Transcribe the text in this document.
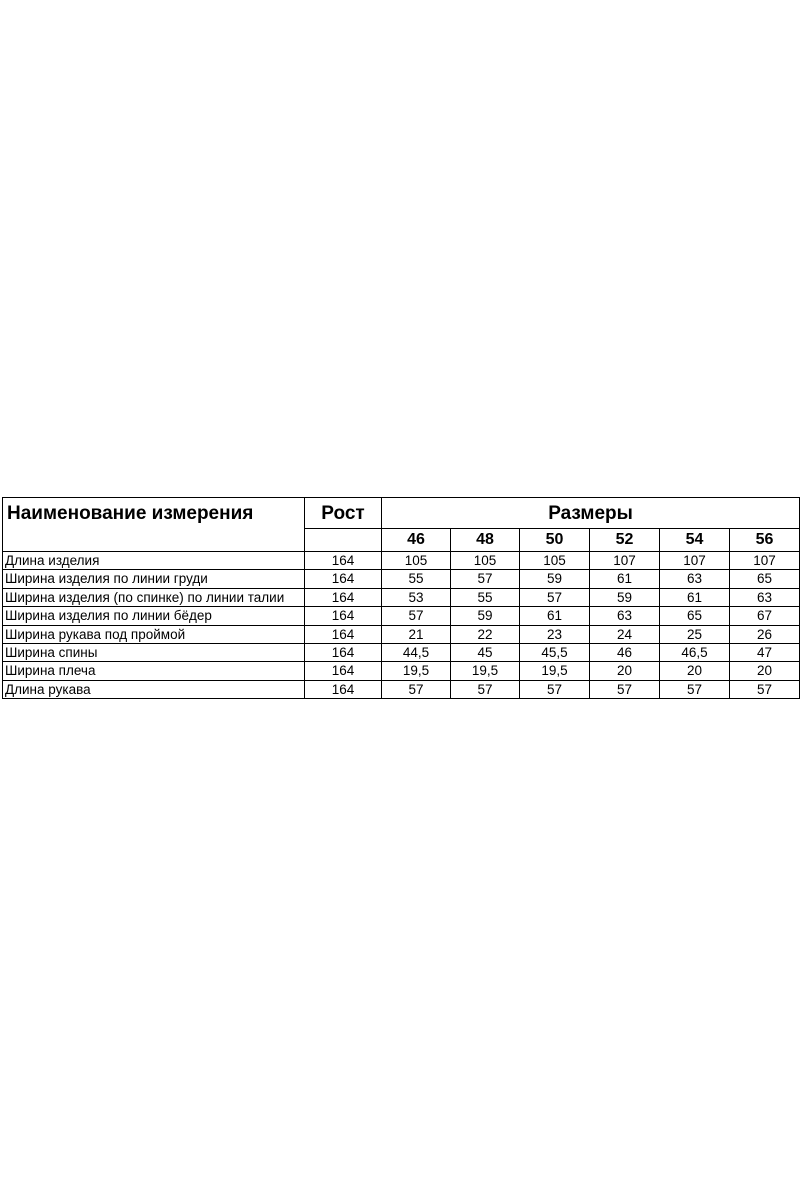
Наименование измерения	Рост	Размеры					
		46	48	50	52	54	56
Длина изделия	164	105	105	105	107	107	107
Ширина изделия по линии груди	164	55	57	59	61	63	65
Ширина изделия (по спинке) по линии талии	164	53	55	57	59	61	63
Ширина изделия по линии бёдер	164	57	59	61	63	65	67
Ширина рукава под проймой	164	21	22	23	24	25	26
Ширина спины	164	44,5	45	45,5	46	46,5	47
Ширина плеча	164	19,5	19,5	19,5	20	20	20
Длина рукава	164	57	57	57	57	57	57
